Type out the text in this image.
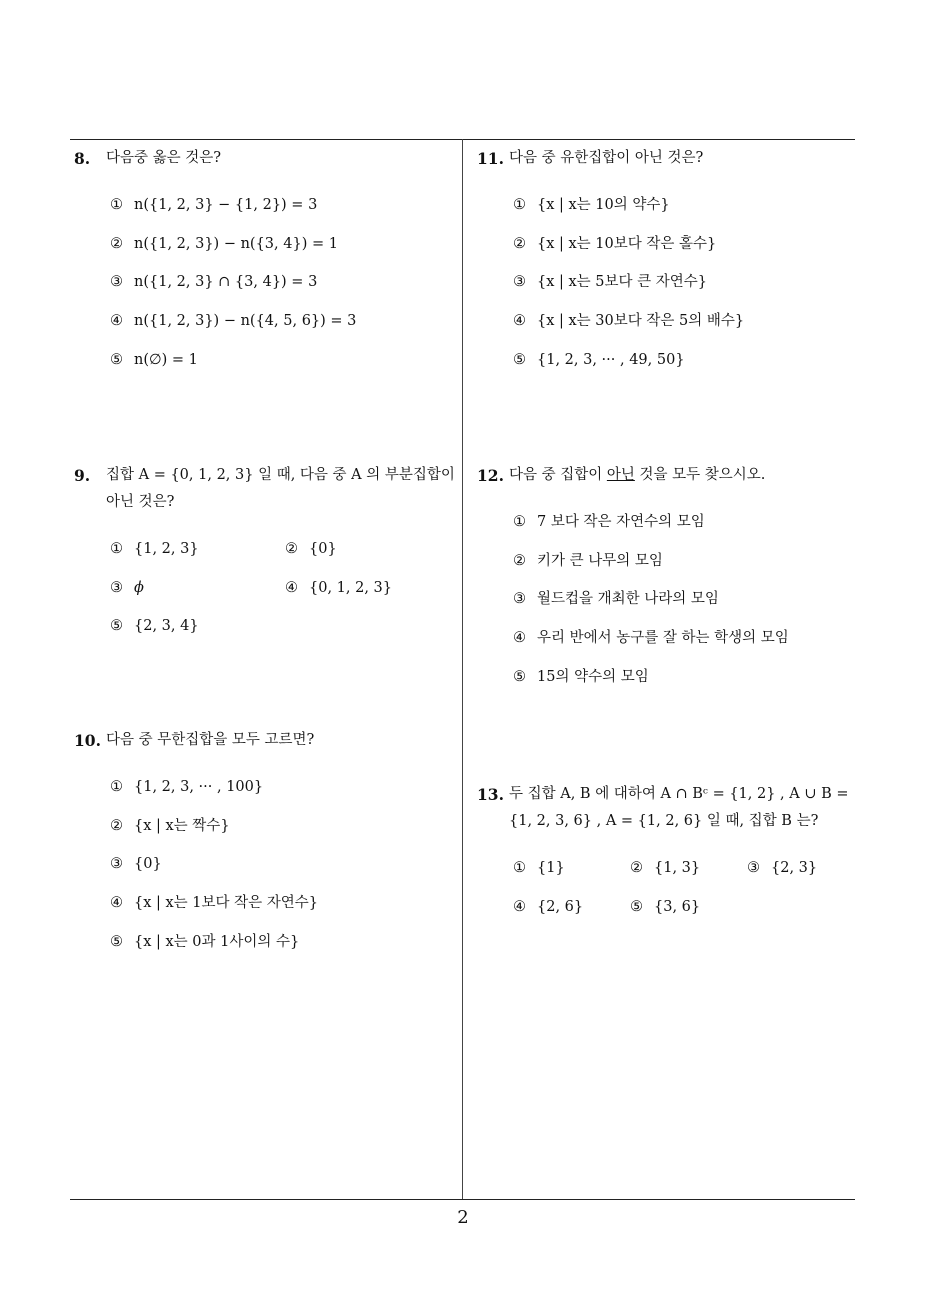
8.	다음중 옳은 것은?
① n({1, 2, 3} − {1, 2}) = 3
② n({1, 2, 3}) − n({3, 4}) = 1
③ n({1, 2, 3} ∩ {3, 4}) = 3
④ n({1, 2, 3}) − n({4, 5, 6}) = 3
⑤ n(∅) = 1
9.	집합 A = {0, 1, 2, 3} 일 때, 다음 중 A 의 부분집합이 아닌 것은?
① {1, 2, 3}	② {0}
③ ϕ	④ {0, 1, 2, 3}
⑤ {2, 3, 4}
10. 다음 중 무한집합을 모두 고르면?
① {1, 2, 3, ··· , 100}
② {x | x는 짝수}
③ {0}
④ {x | x는 1보다 작은 자연수}
⑤ {x | x는 0과 1사이의 수}
11. 다음 중 유한집합이 아닌 것은?
① {x | x는 10의 약수}
② {x | x는 10보다 작은 홀수}
③ {x | x는 5보다 큰 자연수}
④ {x | x는 30보다 작은 5의 배수}
⑤ {1, 2, 3, ··· , 49, 50}
12. 다음 중 집합이 아닌 것을 모두 찾으시오.
① 7 보다 작은 자연수의 모임
② 키가 큰 나무의 모임
③ 월드컵을 개최한 나라의 모임
④ 우리 반에서 농구를 잘 하는 학생의 모임
⑤ 15의 약수의 모임
13. 두 집합 A, B 에 대하여 A ∩ Bᶜ = {1, 2} , A ∪ B = {1, 2, 3, 6} , A = {1, 2, 6} 일 때, 집합 B 는?
① {1}	② {1, 3}	③ {2, 3}
④ {2, 6}	⑤ {3, 6}
2
